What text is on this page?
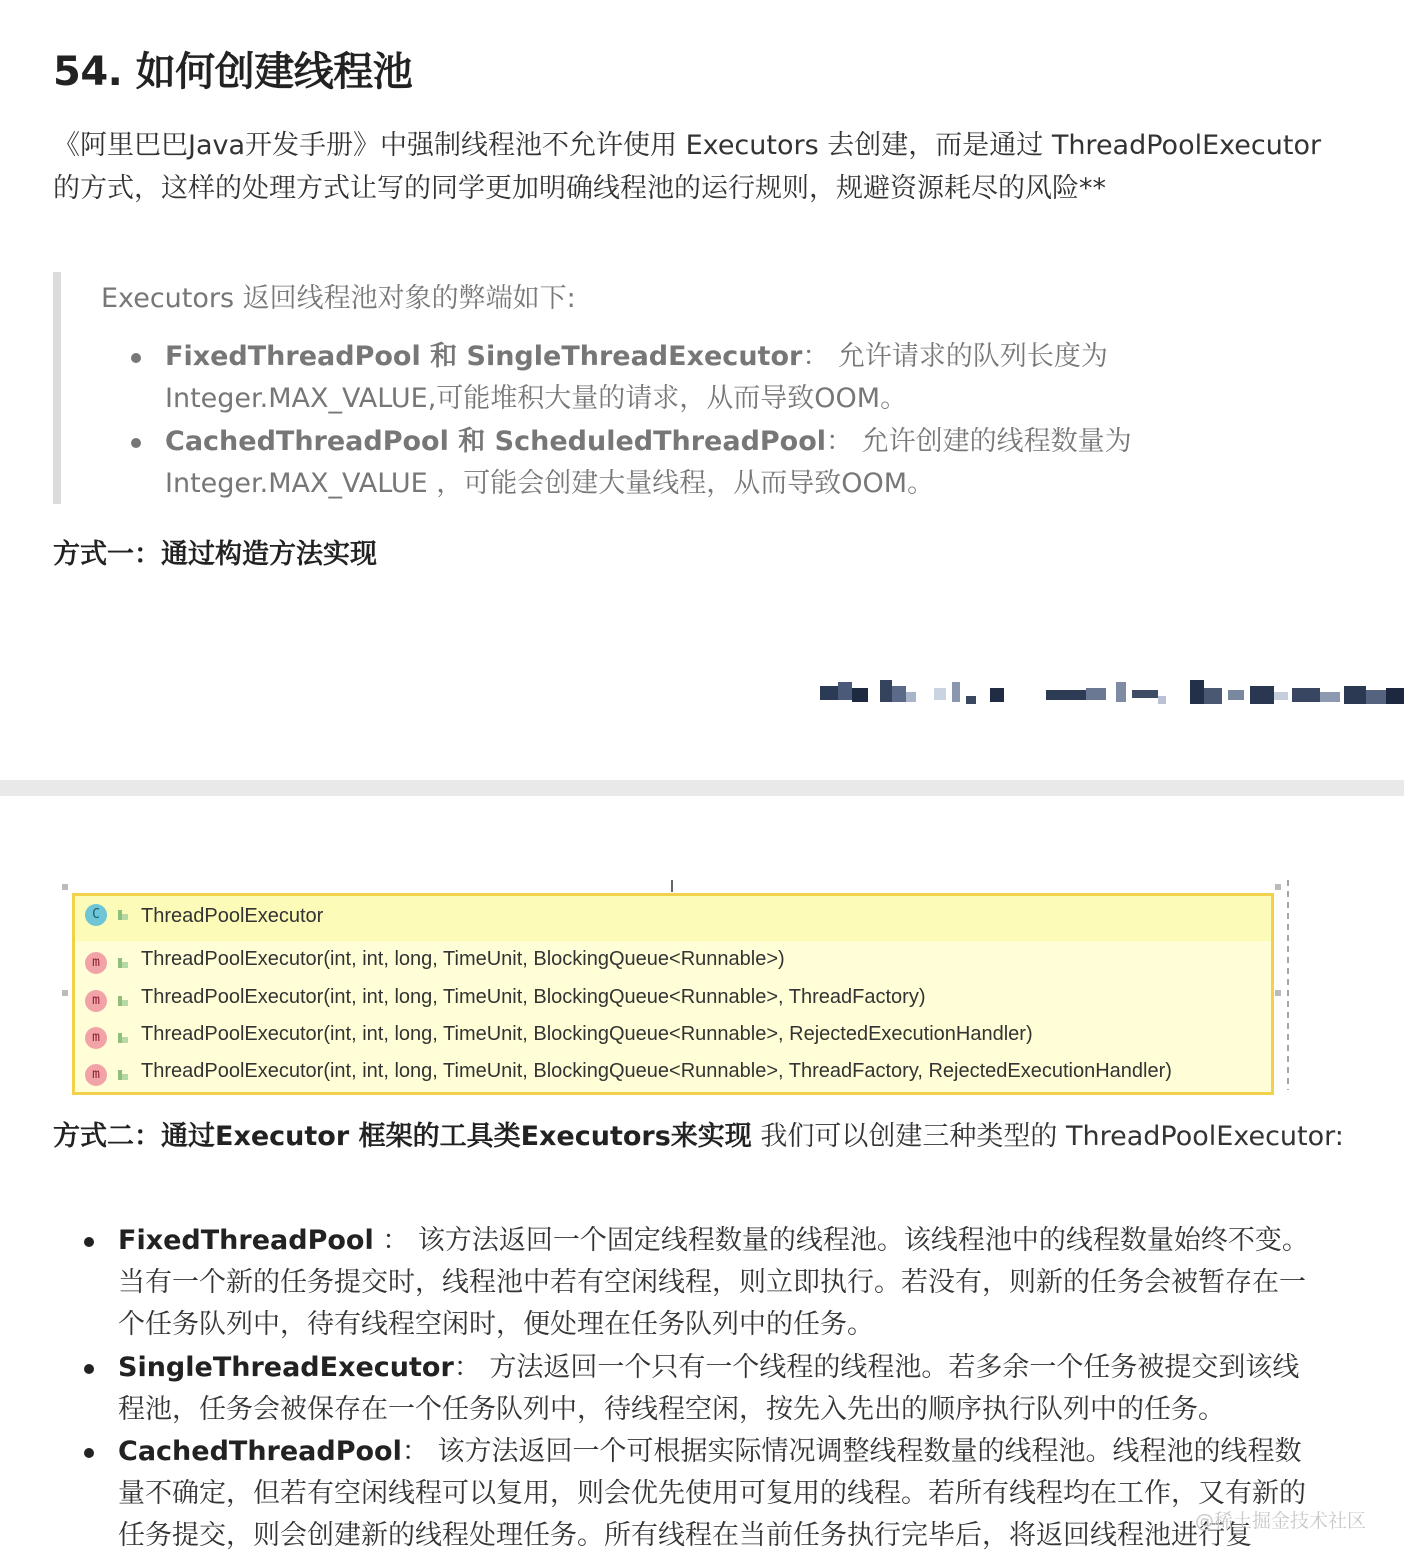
54. 如何创建线程池
《阿里巴巴Java开发手册》中强制线程池不允许使用 Executors 去创建，而是通过 ThreadPoolExecutor 的方式，这样的处理方式让写的同学更加明确线程池的运行规则，规避资源耗尽的风险**
Executors 返回线程池对象的弊端如下:
FixedThreadPool 和 SingleThreadExecutor： 允许请求的队列长度为 Integer.MAX_VALUE,可能堆积大量的请求，从而导致OOM。
CachedThreadPool 和 ScheduledThreadPool： 允许创建的线程数量为 Integer.MAX_VALUE ，可能会创建大量线程，从而导致OOM。
方式一：通过构造方法实现
C	ThreadPoolExecutor
m	ThreadPoolExecutor(int, int, long, TimeUnit, BlockingQueue<Runnable>)
m	ThreadPoolExecutor(int, int, long, TimeUnit, BlockingQueue<Runnable>, ThreadFactory)
m	ThreadPoolExecutor(int, int, long, TimeUnit, BlockingQueue<Runnable>, RejectedExecutionHandler)
m	ThreadPoolExecutor(int, int, long, TimeUnit, BlockingQueue<Runnable>, ThreadFactory, RejectedExecutionHandler)
方式二：通过Executor 框架的工具类Executors来实现 我们可以创建三种类型的 ThreadPoolExecutor:
FixedThreadPool ： 该方法返回一个固定线程数量的线程池。该线程池中的线程数量始终不变。当有一个新的任务提交时，线程池中若有空闲线程，则立即执行。若没有，则新的任务会被暂存在一个任务队列中，待有线程空闲时，便处理在任务队列中的任务。
SingleThreadExecutor： 方法返回一个只有一个线程的线程池。若多余一个任务被提交到该线程池，任务会被保存在一个任务队列中，待线程空闲，按先入先出的顺序执行队列中的任务。
CachedThreadPool： 该方法返回一个可根据实际情况调整线程数量的线程池。线程池的线程数量不确定，但若有空闲线程可以复用，则会优先使用可复用的线程。若所有线程均在工作，又有新的任务提交，则会创建新的线程处理任务。所有线程在当前任务执行完毕后，将返回线程池进行复
@稀土掘金技术社区
